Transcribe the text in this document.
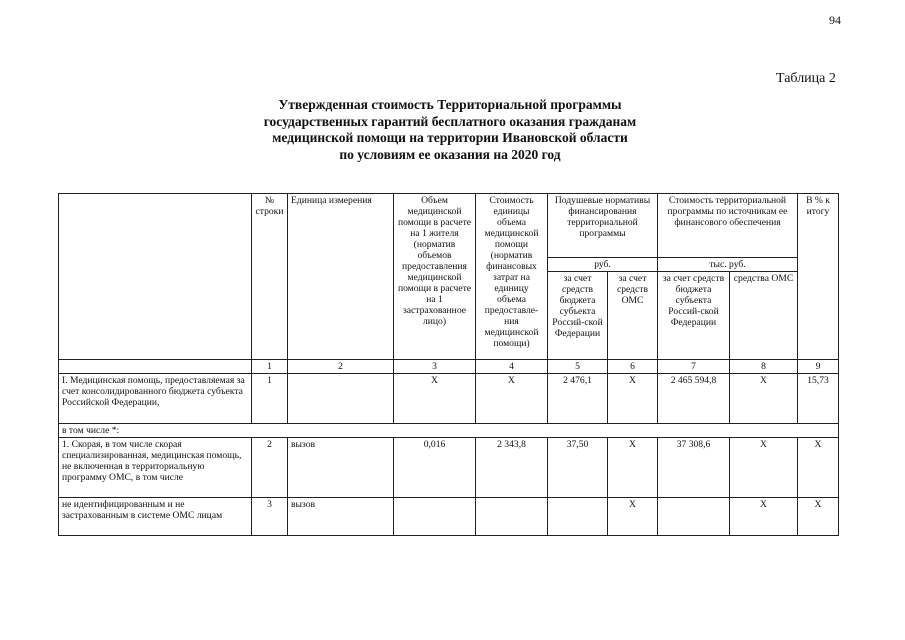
94
Таблица 2
Утвержденная стоимость Территориальной программы
государственных гарантий бесплатного оказания гражданам
медицинской помощи на территории Ивановской области
по условиям ее оказания на 2020 год
	№ строки	Единица измерения	Объем медицинской помощи в расчете на 1 жителя (норматив объемов предоставления медицинской помощи в расчете на 1 застрахованное лицо)	Стоимость единицы объема медицинской помощи (норматив финансовых затрат на единицу объема предоставле-ния медицинской помощи)	Подушевые нормативы финансирования территориальной программы		Стоимость территориальной программы по источникам ее финансового обеспечения		В % к итогу
					руб.		тыс. руб.		
					за счет средств бюджета субъекта Россий-ской Федерации	за счет средств ОМС	за счет средств бюджета субъекта Россий-ской Федерации	средства ОМС	
	1	2	3	4	5	6	7	8	9
I. Медицинская помощь, предоставляемая за счет консолидированного бюджета субъекта Российской Федерации,	1		X	X	2 476,1	X	2 465 594,8	X	15,73
в том числе *:									
1. Скорая, в том числе скорая специализированная, медицинская помощь, не включенная в территориальную программу ОМС, в том числе	2	вызов	0,016	2 343,8	37,50	X	37 308,6	X	X
не идентифицированным и не застрахованным в системе ОМС лицам	3	вызов				X		X	X
